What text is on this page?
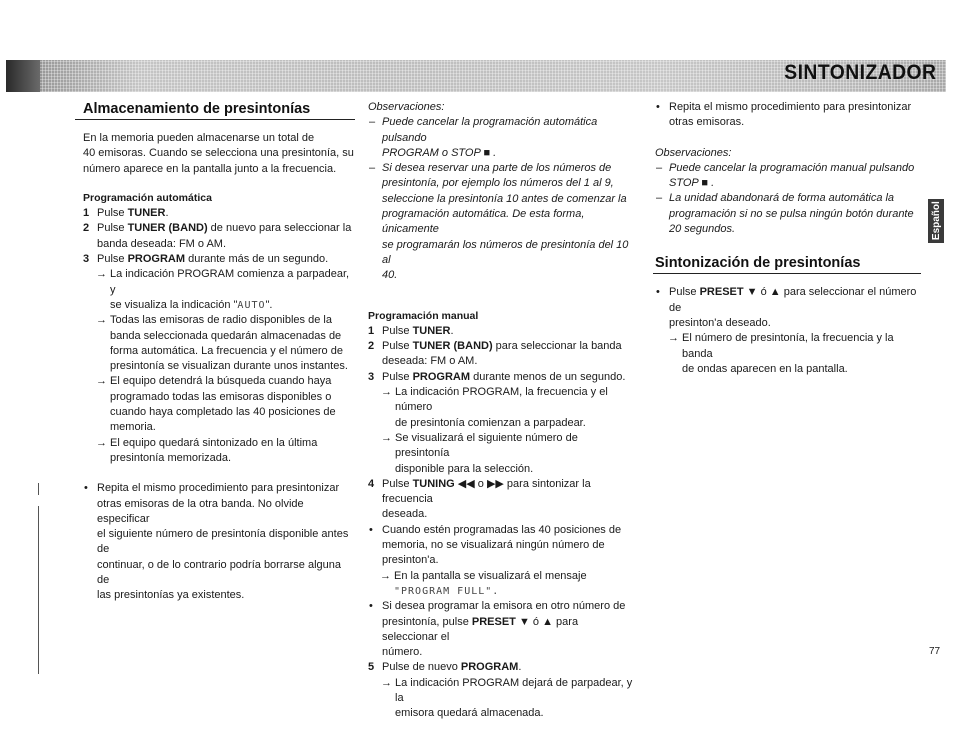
SINTONIZADOR
Almacenamiento de presintonías

En la memoria pueden almacenarse un total de

40 emisoras. Cuando se selecciona una presintonía, su

número aparece en la pantalla junto a la frecuencia.

Programación automática

1 Pulse TUNER.
2 Pulse TUNER (BAND) de nuevo para seleccionar la
banda deseada: FM o AM.
3 Pulse PROGRAM durante más de un segundo.
→ La indicación PROGRAM comienza a parpadear, y
se visualiza la indicación "AUTO".
→ Todas las emisoras de radio disponibles de la
banda seleccionada quedarán almacenadas de
forma automática. La frecuencia y el número de
presintonía se visualizan durante unos instantes.
→ El equipo detendrá la búsqueda cuando haya
programado todas las emisoras disponibles o
cuando haya completado las 40 posiciones de
memoria.
→ El equipo quedará sintonizado en la última
presintonía memorizada.
• Repita el mismo procedimiento para presintonizar
otras emisoras de la otra banda. No olvide especificar
el siguiente número de presintonía disponible antes de
continuar, o de lo contrario podría borrarse alguna de
las presintonías ya existentes.

Observaciones:

– Puede cancelar la programación automática pulsando
PROGRAM o STOP ■ .
– Si desea reservar una parte de los números de
presintonía, por ejemplo los números del 1 al 9,
seleccione la presintonía 10 antes de comenzar la
programación automática. De esta forma, únicamente
se programarán los números de presintonía del 10 al
40.

Programación manual

1 Pulse TUNER.
2 Pulse TUNER (BAND) para seleccionar la banda
deseada: FM o AM.
3 Pulse PROGRAM durante menos de un segundo.
→ La indicación PROGRAM, la frecuencia y el número
de presintonía comienzan a parpadear.
→ Se visualizará el siguiente número de presintonía
disponible para la selección.
4 Pulse TUNING ◀◀ o ▶▶ para sintonizar la frecuencia
deseada.
• Cuando estén programadas las 40 posiciones de
memoria, no se visualizará ningún número de
presinton'a.
→ En la pantalla se visualizará el mensaje
"PROGRAM FULL".
• Si desea programar la emisora en otro número de
presintonía, pulse PRESET ▼ ó ▲ para seleccionar el
número.
5 Pulse de nuevo PROGRAM.
→ La indicación PROGRAM dejará de parpadear, y la
emisora quedará almacenada.
• Repita el mismo procedimiento para presintonizar
otras emisoras.

Observaciones:

– Puede cancelar la programación manual pulsando
STOP ■ .
– La unidad abandonará de forma automática la
programación si no se pulsa ningún botón durante
20 segundos.
Sintonización de presintonías
• Pulse PRESET ▼ ó ▲ para seleccionar el número de
presinton'a deseado.
→ El número de presintonía, la frecuencia y la banda
de ondas aparecen en la pantalla.
Español
77
